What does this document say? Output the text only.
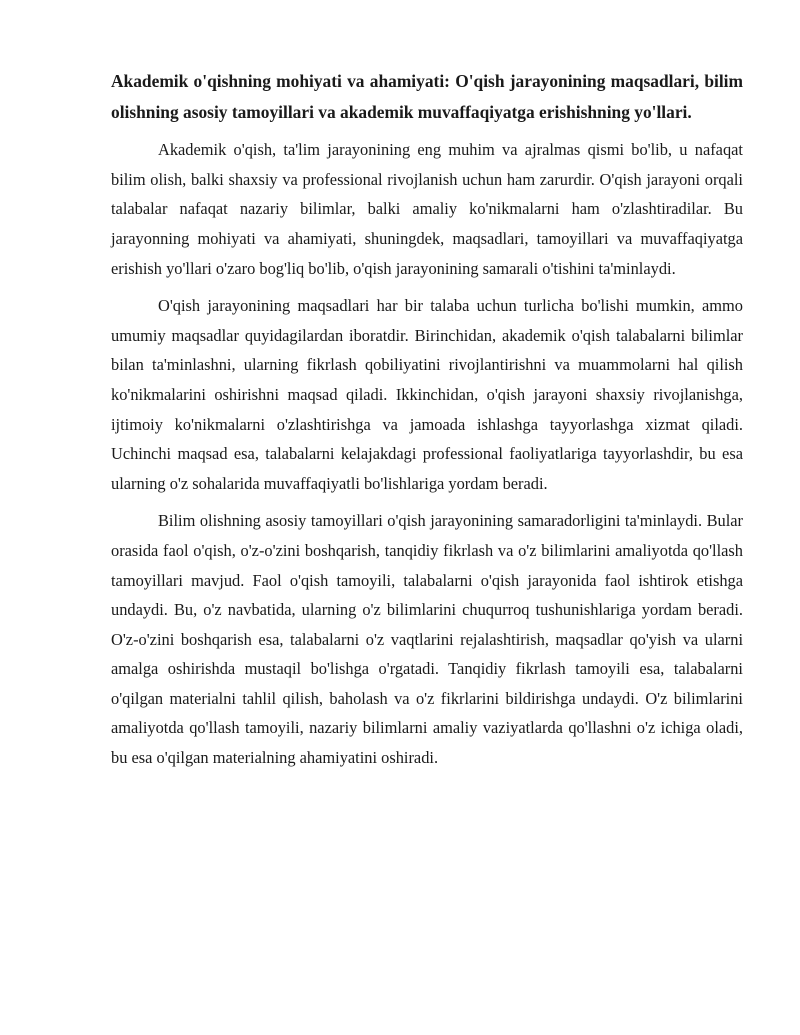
Akademik o'qishning mohiyati va ahamiyati: O'qish jarayonining maqsadlari, bilim olishning asosiy tamoyillari va akademik muvaffaqiyatga erishishning yo'llari.

Akademik o'qish, ta'lim jarayonining eng muhim va ajralmas qismi bo'lib, u nafaqat bilim olish, balki shaxsiy va professional rivojlanish uchun ham zarurdir. O'qish jarayoni orqali talabalar nafaqat nazariy bilimlar, balki amaliy ko'nikmalarni ham o'zlashtiradilar. Bu jarayonning mohiyati va ahamiyati, shuningdek, maqsadlari, tamoyillari va muvaffaqiyatga erishish yo'llari o'zaro bog'liq bo'lib, o'qish jarayonining samarali o'tishini ta'minlaydi.

O'qish jarayonining maqsadlari har bir talaba uchun turlicha bo'lishi mumkin, ammo umumiy maqsadlar quyidagilardan iboratdir. Birinchidan, akademik o'qish talabalarni bilimlar bilan ta'minlashni, ularning fikrlash qobiliyatini rivojlantirishni va muammolarni hal qilish ko'nikmalarini oshirishni maqsad qiladi. Ikkinchidan, o'qish jarayoni shaxsiy rivojlanishga, ijtimoiy ko'nikmalarni o'zlashtirishga va jamoada ishlashga tayyorlashga xizmat qiladi. Uchinchi maqsad esa, talabalarni kelajakdagi professional faoliyatlariga tayyorlashdir, bu esa ularning o'z sohalarida muvaffaqiyatli bo'lishlariga yordam beradi.

Bilim olishning asosiy tamoyillari o'qish jarayonining samaradorligini ta'minlaydi. Bular orasida faol o'qish, o'z-o'zini boshqarish, tanqidiy fikrlash va o'z bilimlarini amaliyotda qo'llash tamoyillari mavjud. Faol o'qish tamoyili, talabalarni o'qish jarayonida faol ishtirok etishga undaydi. Bu, o'z navbatida, ularning o'z bilimlarini chuqurroq tushunishlariga yordam beradi. O'z-o'zini boshqarish esa, talabalarni o'z vaqtlarini rejalashtirish, maqsadlar qo'yish va ularni amalga oshirishda mustaqil bo'lishga o'rgatadi. Tanqidiy fikrlash tamoyili esa, talabalarni o'qilgan materialni tahlil qilish, baholash va o'z fikrlarini bildirishga undaydi. O'z bilimlarini amaliyotda qo'llash tamoyili, nazariy bilimlarni amaliy vaziyatlarda qo'llashni o'z ichiga oladi, bu esa o'qilgan materialning ahamiyatini oshiradi.
